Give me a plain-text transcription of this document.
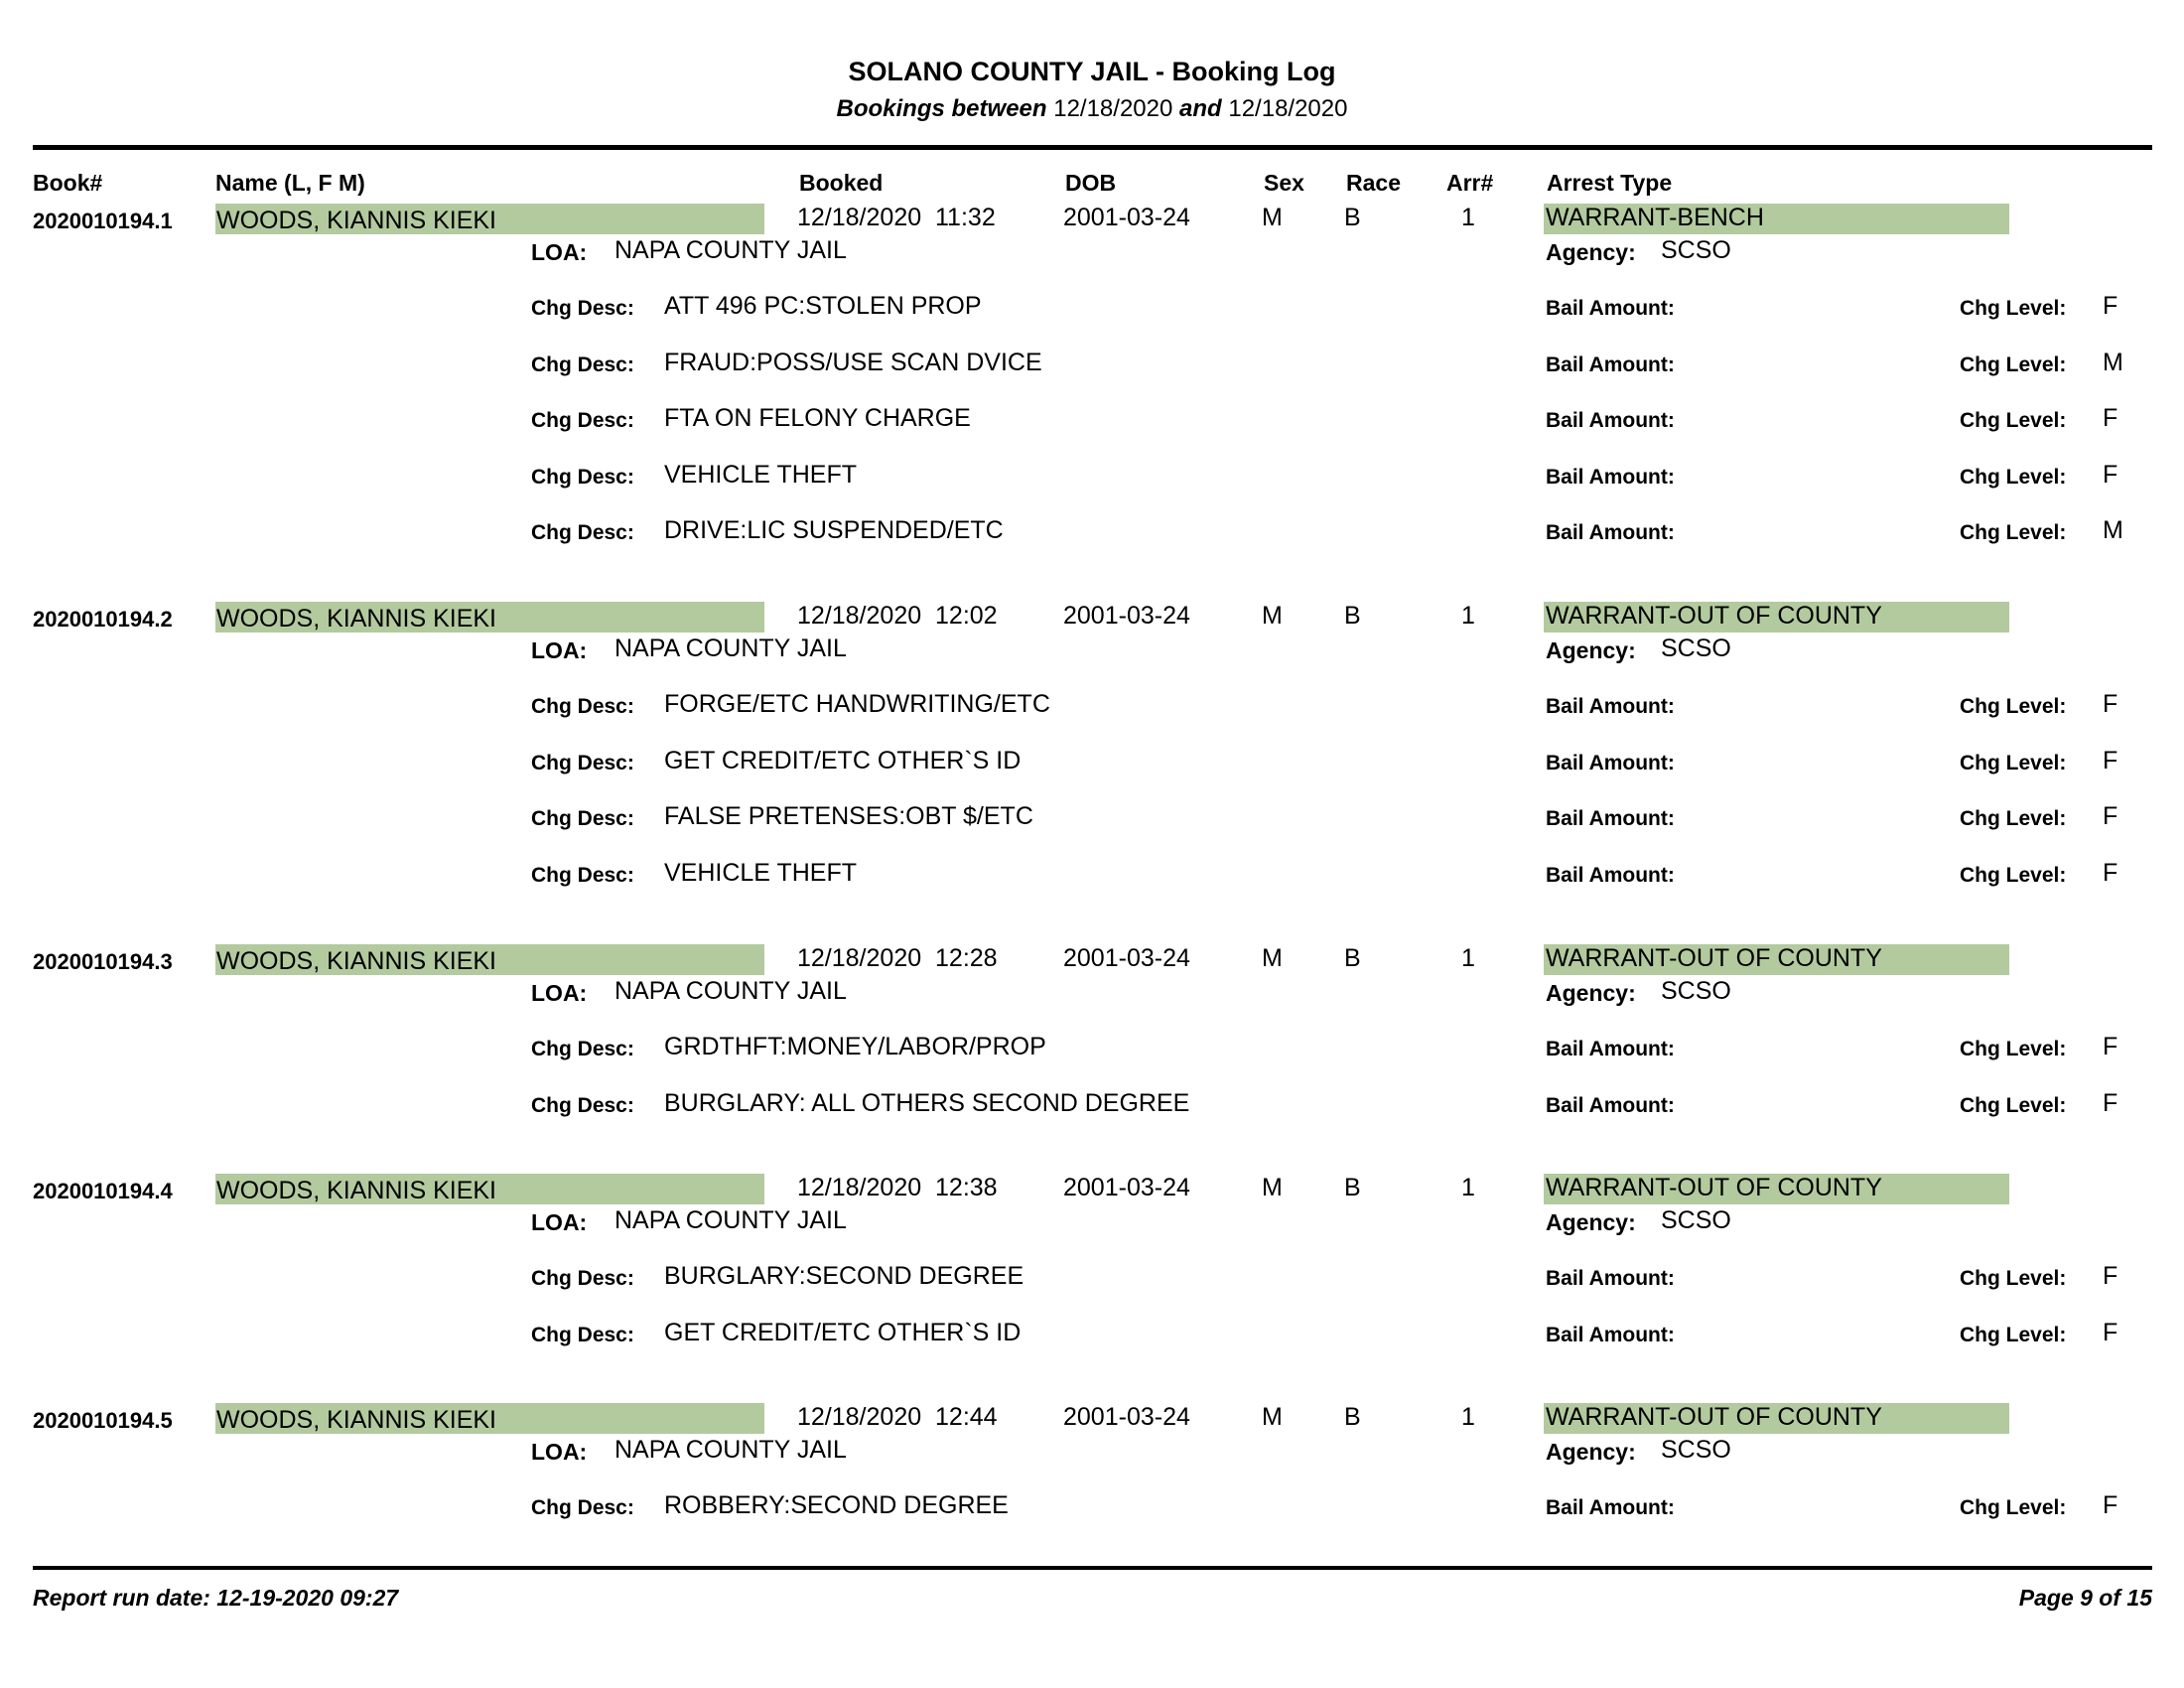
SOLANO COUNTY JAIL - Booking Log
Bookings between 12/18/2020 and 12/18/2020
Book#	Name (L, F M)	Booked	DOB	Sex Race Arr# Arrest Type
2020010194.1 WOODS, KIANNIS KIEKI	12/18/2020  11:32	2001-03-24	M B	1	WARRANT-BENCH
LOA: NAPA COUNTY JAIL	Agency: SCSO
Chg Desc: ATT 496 PC:STOLEN PROP	Bail Amount:	Chg Level: F
Chg Desc: FRAUD:POSS/USE SCAN DVICE	Bail Amount:	Chg Level: M
Chg Desc: FTA ON FELONY CHARGE	Bail Amount:	Chg Level: F
Chg Desc: VEHICLE THEFT	Bail Amount:	Chg Level: F
Chg Desc: DRIVE:LIC SUSPENDED/ETC	Bail Amount:	Chg Level: M
2020010194.2 WOODS, KIANNIS KIEKI	12/18/2020  12:02	2001-03-24	M B	1	WARRANT-OUT OF COUNTY
LOA: NAPA COUNTY JAIL	Agency: SCSO
Chg Desc: FORGE/ETC HANDWRITING/ETC	Bail Amount:	Chg Level: F
Chg Desc: GET CREDIT/ETC OTHER`S ID	Bail Amount:	Chg Level: F
Chg Desc: FALSE PRETENSES:OBT $/ETC	Bail Amount:	Chg Level: F
Chg Desc: VEHICLE THEFT	Bail Amount:	Chg Level: F
2020010194.3 WOODS, KIANNIS KIEKI	12/18/2020  12:28	2001-03-24	M B	1	WARRANT-OUT OF COUNTY
LOA: NAPA COUNTY JAIL	Agency: SCSO
Chg Desc: GRDTHFT:MONEY/LABOR/PROP	Bail Amount:	Chg Level: F
Chg Desc: BURGLARY: ALL OTHERS SECOND DEGREE	Bail Amount:	Chg Level: F
2020010194.4 WOODS, KIANNIS KIEKI	12/18/2020  12:38	2001-03-24	M B	1	WARRANT-OUT OF COUNTY
LOA: NAPA COUNTY JAIL	Agency: SCSO
Chg Desc: BURGLARY:SECOND DEGREE	Bail Amount:	Chg Level: F
Chg Desc: GET CREDIT/ETC OTHER`S ID	Bail Amount:	Chg Level: F
2020010194.5 WOODS, KIANNIS KIEKI	12/18/2020  12:44	2001-03-24	M B	1	WARRANT-OUT OF COUNTY
LOA: NAPA COUNTY JAIL	Agency: SCSO
Chg Desc: ROBBERY:SECOND DEGREE	Bail Amount:	Chg Level: F
Report run date: 12-19-2020 09:27	Page 9 of 15
